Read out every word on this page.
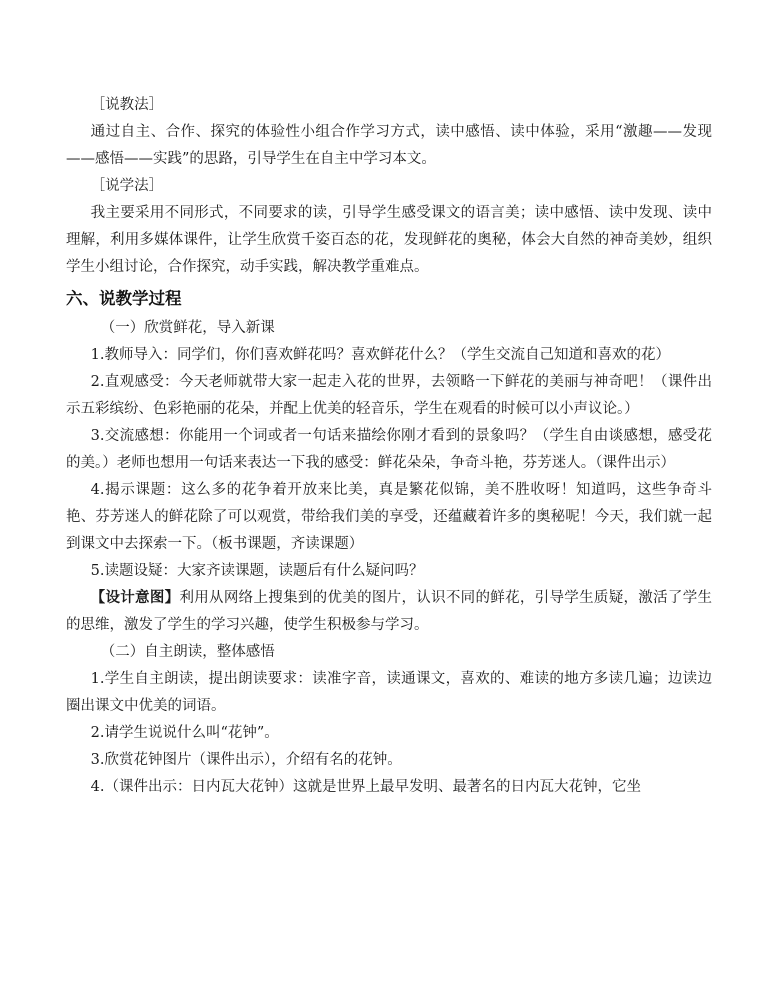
［说教法］

通过自主、合作、探究的体验性小组合作学习方式，读中感悟、读中体验，采用“激趣——发现——感悟——实践”的思路，引导学生在自主中学习本文。

［说学法］

我主要采用不同形式，不同要求的读，引导学生感受课文的语言美；读中感悟、读中发现、读中理解，利用多媒体课件，让学生欣赏千姿百态的花，发现鲜花的奥秘，体会大自然的神奇美妙，组织学生小组讨论，合作探究，动手实践，解决教学重难点。

六、说教学过程

（一）欣赏鲜花，导入新课

1.教师导入：同学们，你们喜欢鲜花吗？喜欢鲜花什么？（学生交流自己知道和喜欢的花）

2.直观感受：今天老师就带大家一起走入花的世界，去领略一下鲜花的美丽与神奇吧！（课件出示五彩缤纷、色彩艳丽的花朵，并配上优美的轻音乐，学生在观看的时候可以小声议论。）

3.交流感想：你能用一个词或者一句话来描绘你刚才看到的景象吗？（学生自由谈感想，感受花的美。）老师也想用一句话来表达一下我的感受：鲜花朵朵，争奇斗艳，芬芳迷人。（课件出示）

4.揭示课题：这么多的花争着开放来比美，真是繁花似锦，美不胜收呀！知道吗，这些争奇斗艳、芬芳迷人的鲜花除了可以观赏，带给我们美的享受，还蕴藏着许多的奥秘呢！今天，我们就一起到课文中去探索一下。（板书课题，齐读课题）

5.读题设疑：大家齐读课题，读题后有什么疑问吗？

【设计意图】利用从网络上搜集到的优美的图片，认识不同的鲜花，引导学生质疑，激活了学生的思维，激发了学生的学习兴趣，使学生积极参与学习。

（二）自主朗读，整体感悟

1.学生自主朗读，提出朗读要求：读准字音，读通课文，喜欢的、难读的地方多读几遍；边读边圈出课文中优美的词语。

2.请学生说说什么叫“花钟”。

3.欣赏花钟图片（课件出示），介绍有名的花钟。

4.（课件出示：日内瓦大花钟）这就是世界上最早发明、最著名的日内瓦大花钟，它坐
